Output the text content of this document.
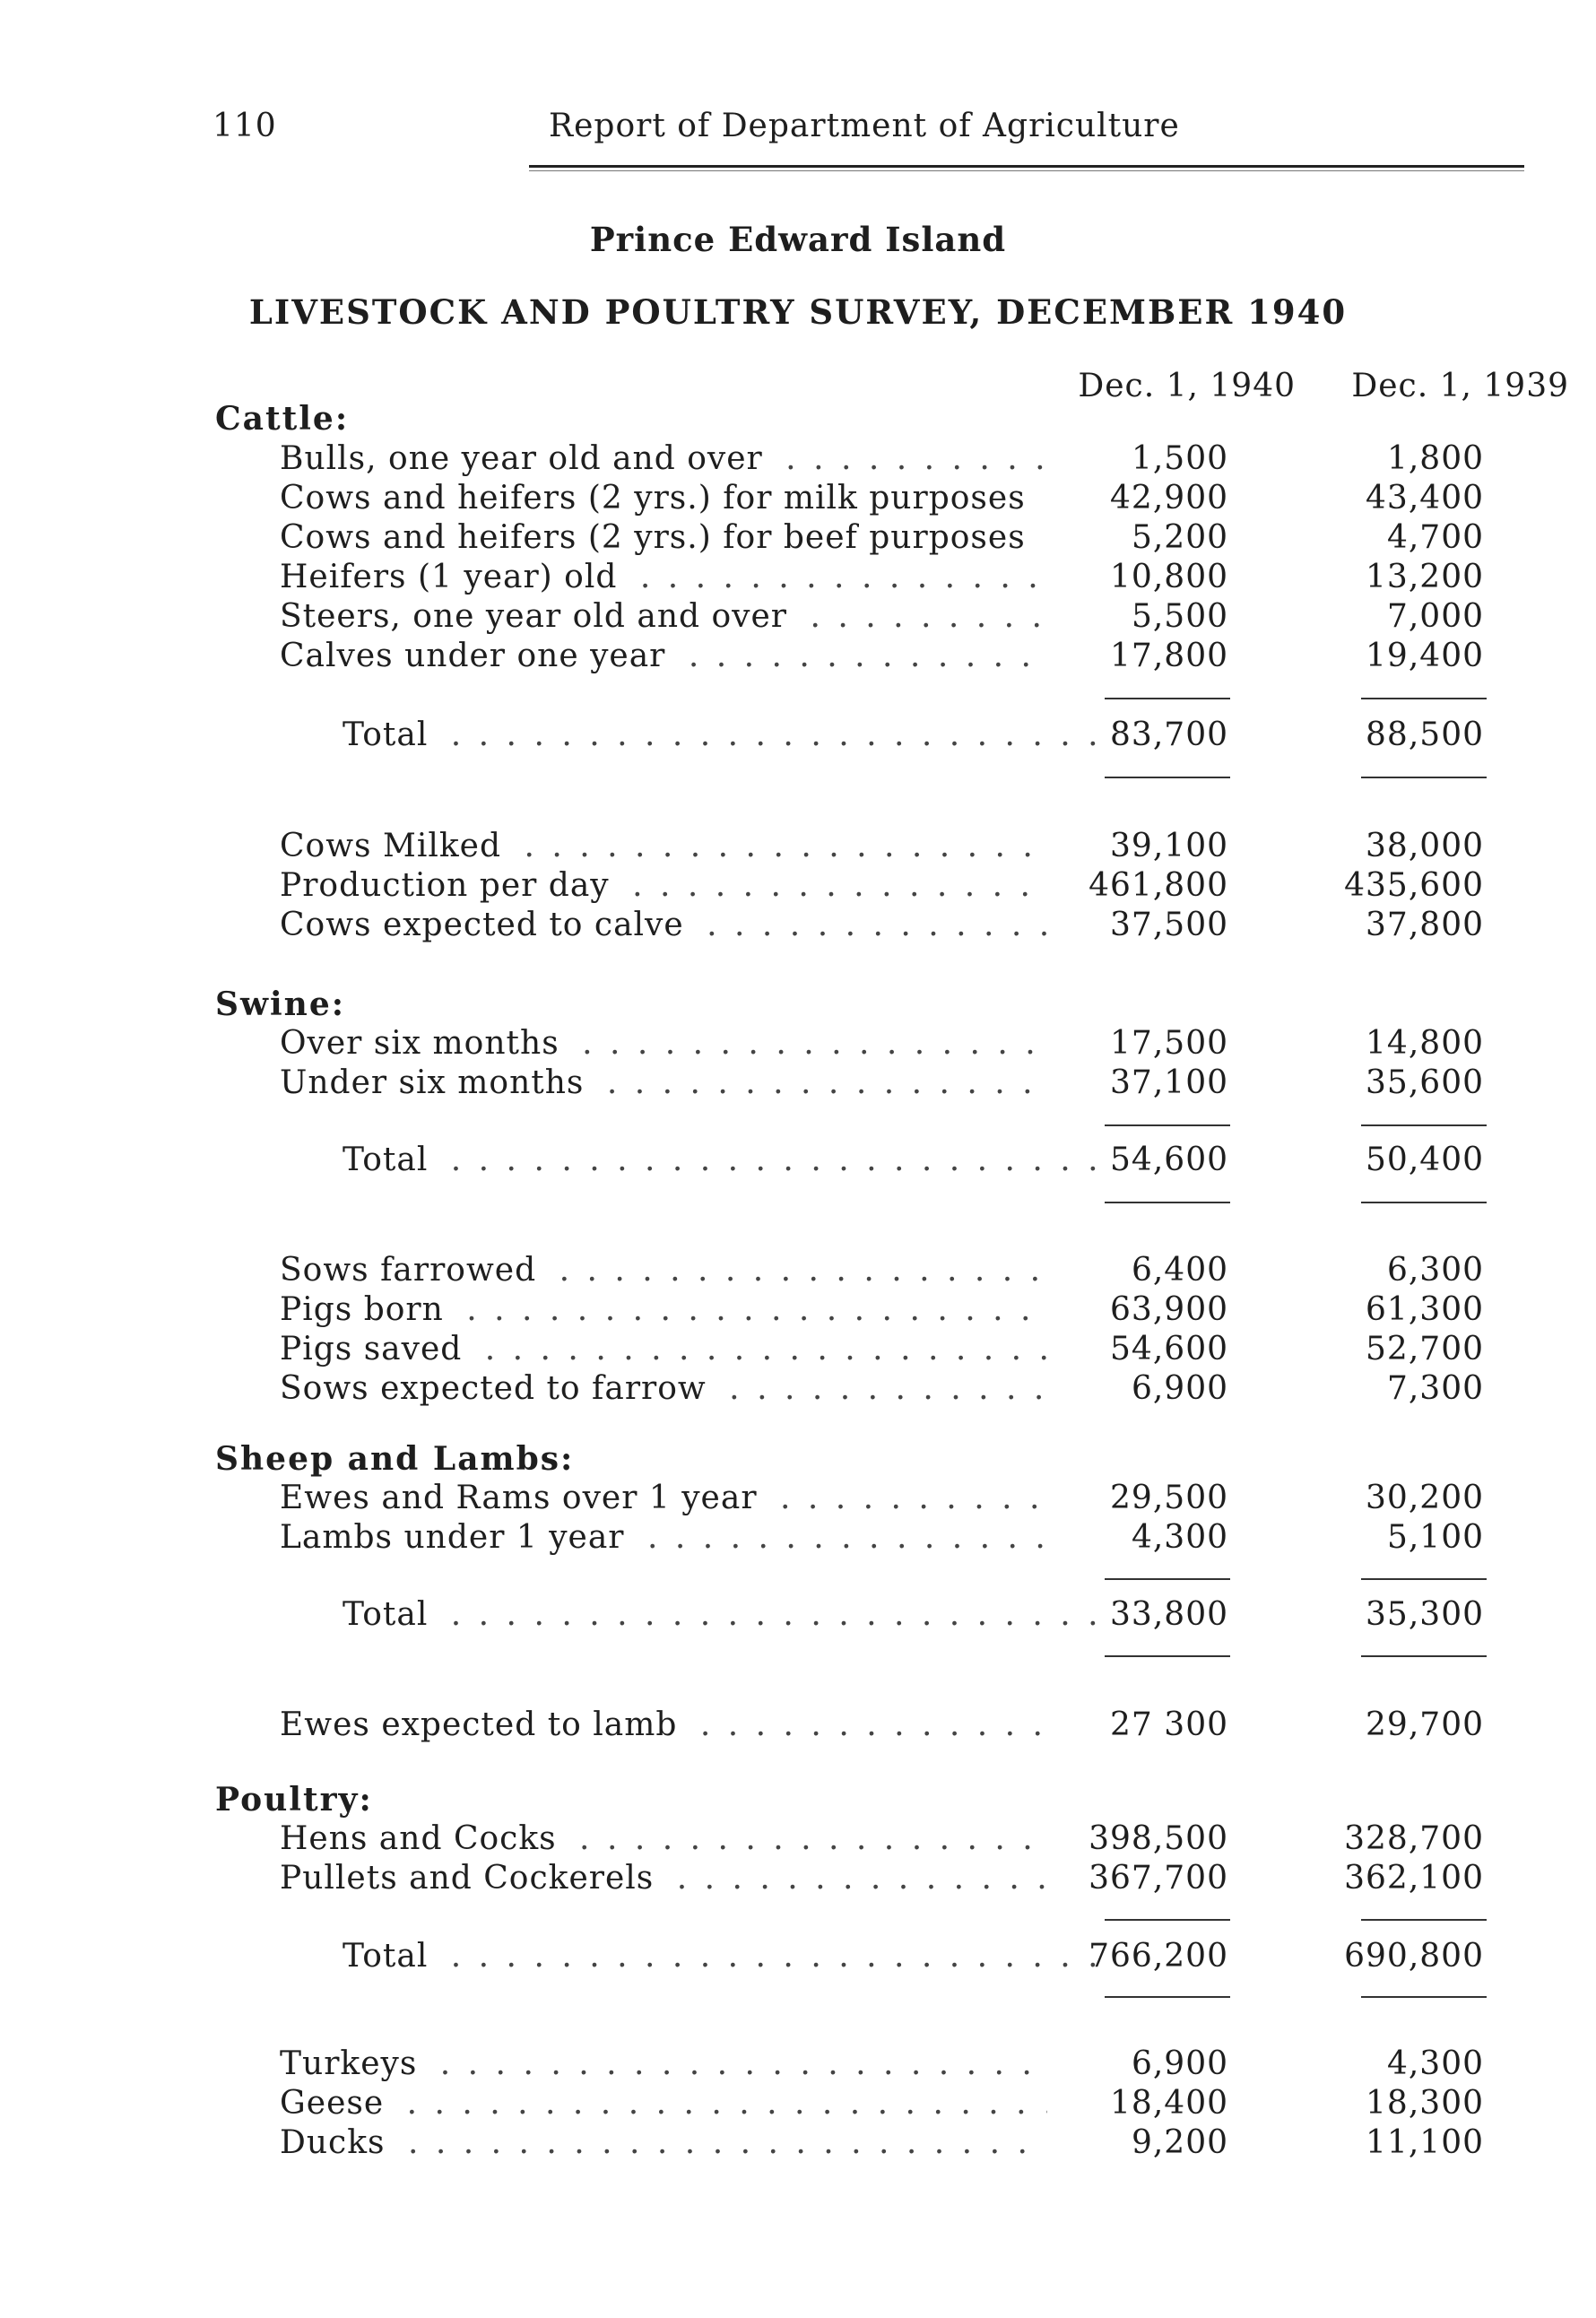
110	Report of Department of Agriculture
Prince Edward Island
LIVESTOCK AND POULTRY SURVEY, DECEMBER 1940
Dec. 1, 1940 Dec. 1, 1939
Cattle:
Bulls, one year old and over . . .	1,500	1,800
Cows and heifers (2 yrs.) for milk purposes	42,900	43,400
Cows and heifers (2 yrs.) for beef purposes	5,200	4,700
Heifers (1 year) old . . .	10,800	13,200
Steers, one year old and over . . .	5,500	7,000
Calves under one year . . .	17,800	19,400
Total . . .	83,700	88,500
Cows Milked . . .	39,100	38,000
Production per day . . .	461,800	435,600
Cows expected to calve . . .	37,500	37,800
Swine:
Over six months . . .	17,500	14,800
Under six months . . .	37,100	35,600
Total . . .	54,600	50,400
Sows farrowed . . .	6,400	6,300
Pigs born . . .	63,900	61,300
Pigs saved . . .	54,600	52,700
Sows expected to farrow . . .	6,900	7,300
Sheep and Lambs:
Ewes and Rams over 1 year . . .	29,500	30,200
Lambs under 1 year . . .	4,300	5,100
Total . . .	33,800	35,300
Ewes expected to lamb . . .	27 300	29,700
Poultry:
Hens and Cocks . . .	398,500	328,700
Pullets and Cockerels . . .	367,700	362,100
Total . . .	766,200	690,800
Turkeys . . .	6,900	4,300
Geese . . .	18,400	18,300
Ducks . . .	9,200	11,100
